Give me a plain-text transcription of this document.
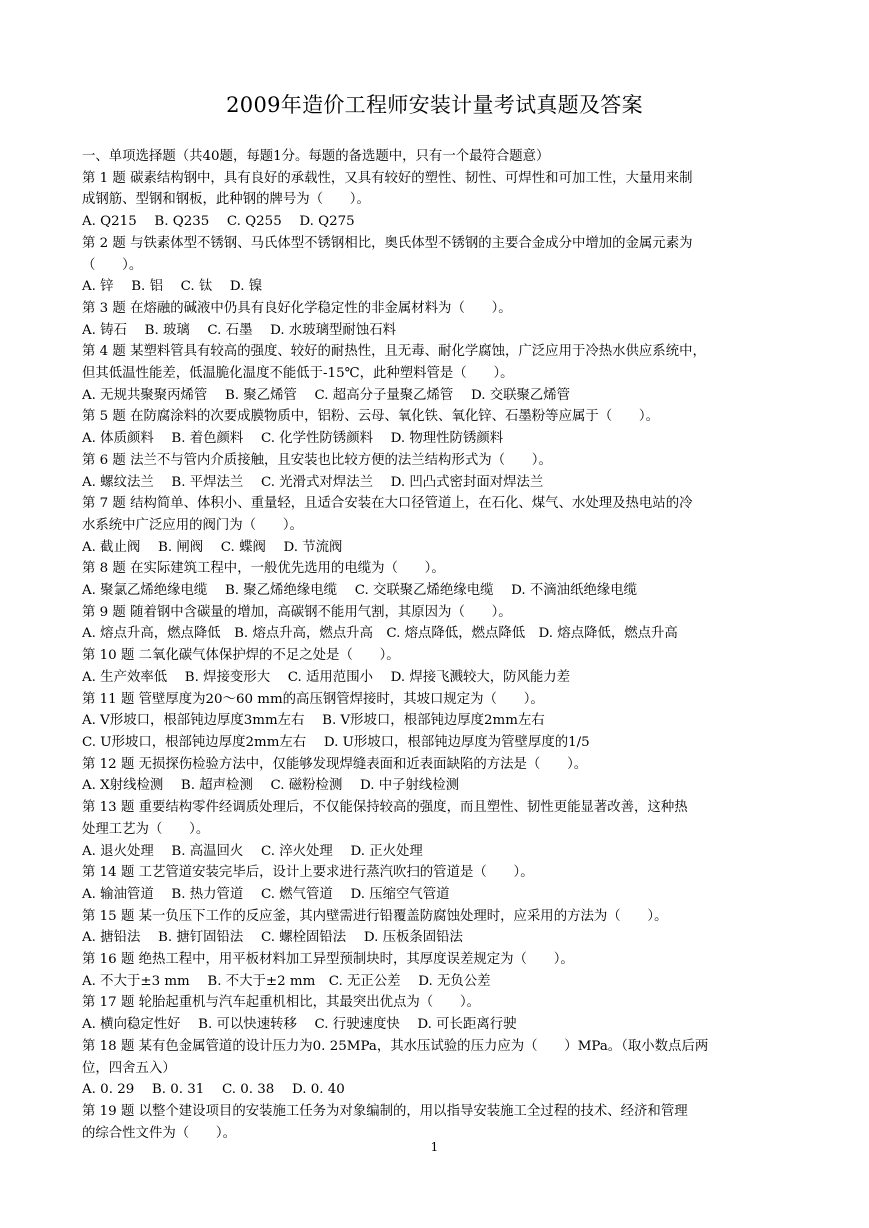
2009年造价工程师安装计量考试真题及答案
一、单项选择题（共40题，每题1分。每题的备选题中，只有一个最符合题意）
第 1 题 碳素结构钢中，具有良好的承载性，又具有较好的塑性、韧性、可焊性和可加工性，大量用来制
成钢筋、型钢和钢板，此种钢的牌号为（　　）。
A. Q215　 B. Q235　 C. Q255　 D. Q275
第 2 题 与铁素体型不锈钢、马氏体型不锈钢相比，奥氏体型不锈钢的主要合金成分中增加的金属元素为
（　　）。
A. 锌　 B. 铝　 C. 钛　 D. 镍
第 3 题 在熔融的碱液中仍具有良好化学稳定性的非金属材料为（　　）。
A. 铸石　 B. 玻璃　 C. 石墨　 D. 水玻璃型耐蚀石料
第 4 题 某塑料管具有较高的强度、较好的耐热性，且无毒、耐化学腐蚀，广泛应用于冷热水供应系统中，
但其低温性能差，低温脆化温度不能低于-15℃，此种塑料管是（　　）。
A. 无规共聚聚丙烯管　 B. 聚乙烯管　 C. 超高分子量聚乙烯管　 D. 交联聚乙烯管
第 5 题 在防腐涂料的次要成膜物质中，铝粉、云母、氧化铁、氧化锌、石墨粉等应属于（　　）。
A. 体质颜料　 B. 着色颜料　 C. 化学性防锈颜料　 D. 物理性防锈颜料
第 6 题 法兰不与管内介质接触，且安装也比较方便的法兰结构形式为（　　）。
A. 螺纹法兰　 B. 平焊法兰　 C. 光滑式对焊法兰　 D. 凹凸式密封面对焊法兰
第 7 题 结构简单、体积小、重量轻，且适合安装在大口径管道上，在石化、煤气、水处理及热电站的冷
水系统中广泛应用的阀门为（　　）。
A. 截止阀　 B. 闸阀　 C. 蝶阀　 D. 节流阀
第 8 题 在实际建筑工程中，一般优先选用的电缆为（　　）。
A. 聚氯乙烯绝缘电缆　 B. 聚乙烯绝缘电缆　 C. 交联聚乙烯绝缘电缆　 D. 不滴油纸绝缘电缆
第 9 题 随着钢中含碳量的增加，高碳钢不能用气割，其原因为（　　）。
A. 熔点升高，燃点降低　B. 熔点升高，燃点升高　C. 熔点降低，燃点降低　D. 熔点降低，燃点升高
第 10 题 二氧化碳气体保护焊的不足之处是（　　）。
A. 生产效率低　 B. 焊接变形大　 C. 适用范围小　 D. 焊接飞溅较大，防风能力差
第 11 题 管壁厚度为20～60 mm的高压钢管焊接时，其坡口规定为（　　）。
A. V形坡口，根部钝边厚度3mm左右　 B. V形坡口，根部钝边厚度2mm左右
C. U形坡口，根部钝边厚度2mm左右　 D. U形坡口，根部钝边厚度为管壁厚度的1/5
第 12 题 无损探伤检验方法中，仅能够发现焊缝表面和近表面缺陷的方法是（　　）。
A. X射线检测　 B. 超声检测　 C. 磁粉检测　 D. 中子射线检测
第 13 题 重要结构零件经调质处理后，不仅能保持较高的强度，而且塑性、韧性更能显著改善，这种热
处理工艺为（　　）。
A. 退火处理　 B. 高温回火　 C. 淬火处理　 D. 正火处理
第 14 题 工艺管道安装完毕后，设计上要求进行蒸汽吹扫的管道是（　　）。
A. 输油管道　 B. 热力管道　 C. 燃气管道　 D. 压缩空气管道
第 15 题 某一负压下工作的反应釜，其内壁需进行铅覆盖防腐蚀处理时，应采用的方法为（　　）。
A. 搪铅法　 B. 搪钉固铅法　 C. 螺栓固铅法　 D. 压板条固铅法
第 16 题 绝热工程中，用平板材料加工异型预制块时，其厚度误差规定为（　　）。
A. 不大于±3 mm　 B. 不大于±2 mm　C. 无正公差　 D. 无负公差
第 17 题 轮胎起重机与汽车起重机相比，其最突出优点为（　　）。
A. 横向稳定性好　 B. 可以快速转移　 C. 行驶速度快　 D. 可长距离行驶
第 18 题 某有色金属管道的设计压力为0. 25MPa，其水压试验的压力应为（　　）MPa。（取小数点后两
位，四舍五入）
A. 0. 29　 B. 0. 31　 C. 0. 38　 D. 0. 40
第 19 题 以整个建设项目的安装施工任务为对象编制的，用以指导安装施工全过程的技术、经济和管理
的综合性文件为（　　）。
1
